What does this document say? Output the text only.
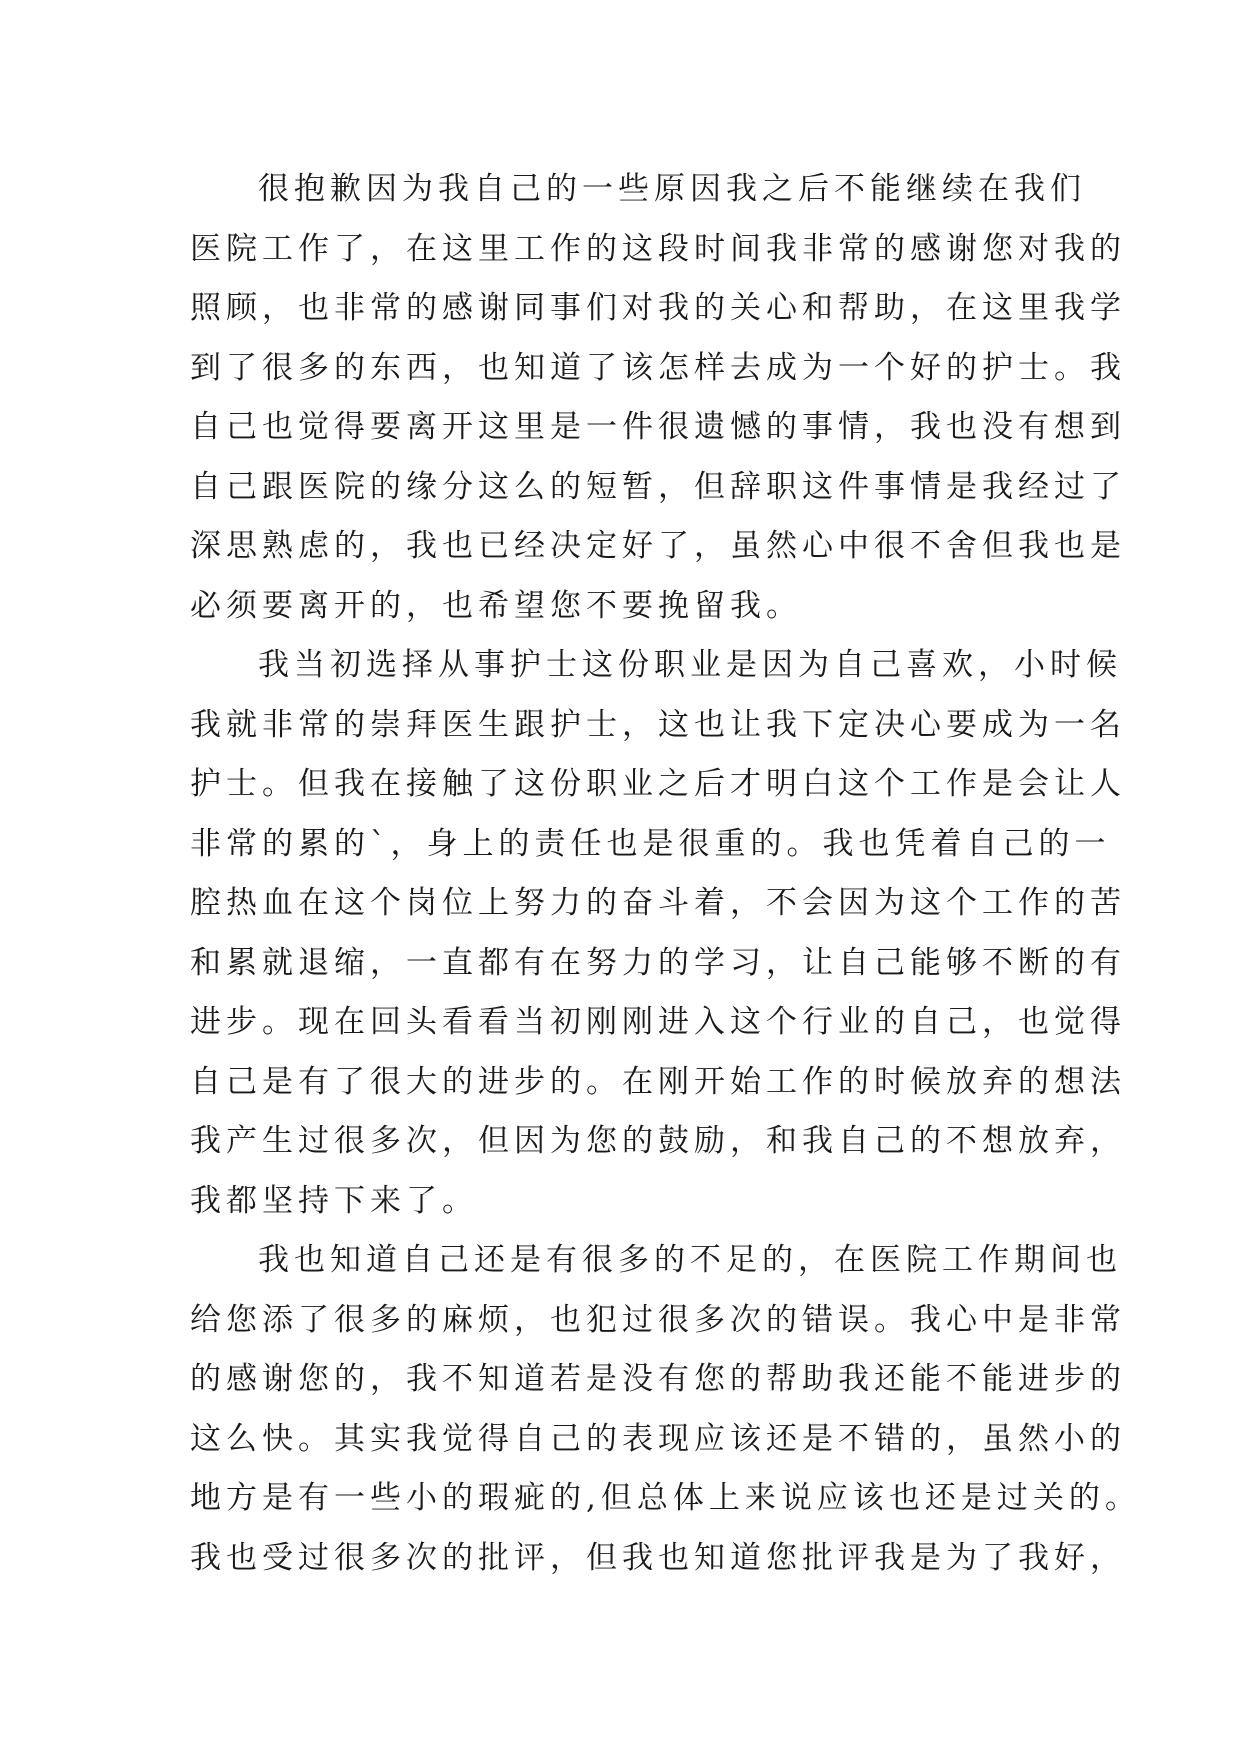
很抱歉因为我自己的一些原因我之后不能继续在我们
医院工作了，在这里工作的这段时间我非常的感谢您对我的
照顾，也非常的感谢同事们对我的关心和帮助，在这里我学
到了很多的东西，也知道了该怎样去成为一个好的护士。我
自己也觉得要离开这里是一件很遗憾的事情，我也没有想到
自己跟医院的缘分这么的短暂，但辞职这件事情是我经过了
深思熟虑的，我也已经决定好了，虽然心中很不舍但我也是
必须要离开的，也希望您不要挽留我。
我当初选择从事护士这份职业是因为自己喜欢，小时候
我就非常的崇拜医生跟护士，这也让我下定决心要成为一名
护士。但我在接触了这份职业之后才明白这个工作是会让人
非常的累的`，身上的责任也是很重的。我也凭着自己的一
腔热血在这个岗位上努力的奋斗着，不会因为这个工作的苦
和累就退缩，一直都有在努力的学习，让自己能够不断的有
进步。现在回头看看当初刚刚进入这个行业的自己，也觉得
自己是有了很大的进步的。在刚开始工作的时候放弃的想法
我产生过很多次，但因为您的鼓励，和我自己的不想放弃，
我都坚持下来了。
我也知道自己还是有很多的不足的，在医院工作期间也
给您添了很多的麻烦，也犯过很多次的错误。我心中是非常
的感谢您的，我不知道若是没有您的帮助我还能不能进步的
这么快。其实我觉得自己的表现应该还是不错的，虽然小的
地方是有一些小的瑕疵的,但总体上来说应该也还是过关的。
我也受过很多次的批评，但我也知道您批评我是为了我好，
